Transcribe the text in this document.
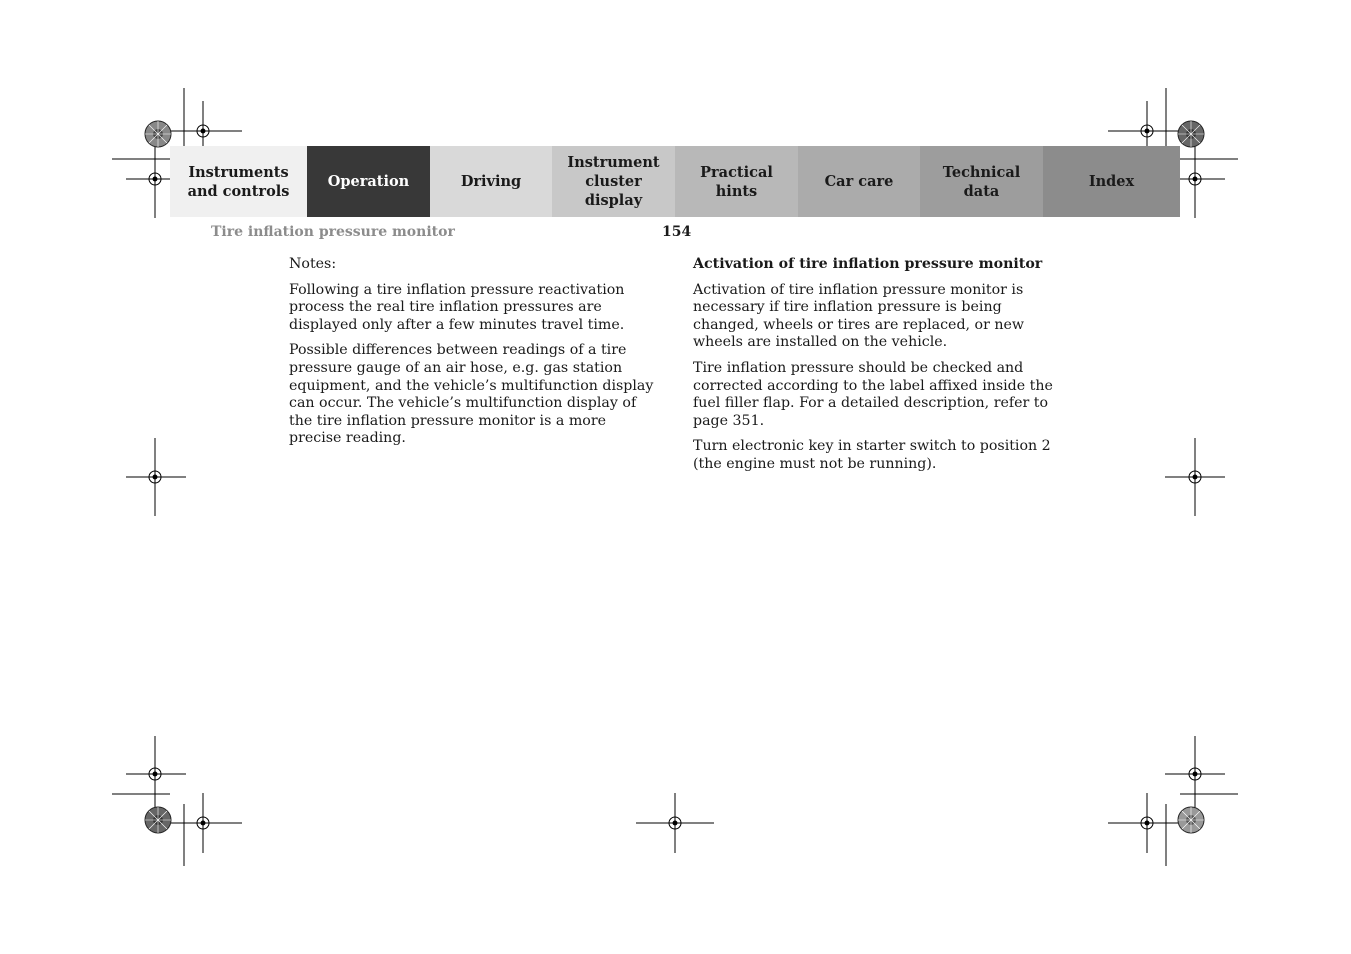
Instruments
and controls
Operation	Driving
Instrument
cluster display
Practical hints
Car care
Technical
data
Index
Tire inflation pressure monitor	154

Notes:

Following a tire inflation pressure reactivation process the real tire inflation pressures are displayed only after a few minutes travel time.

Possible differences between readings of a tire pressure gauge of an air hose, e.g. gas station equipment, and the vehicle’s multifunction display can occur. The vehicle’s multifunction display of the tire inflation pressure monitor is a more precise reading.

Activation of tire inflation pressure monitor

Activation of tire inflation pressure monitor is necessary if tire inflation pressure is being changed, wheels or tires are replaced, or new wheels are installed on the vehicle.

Tire inflation pressure should be checked and corrected according to the label affixed inside the fuel filler flap. For a detailed description, refer to page 351.

Turn electronic key in starter switch to position 2 (the engine must not be running).
